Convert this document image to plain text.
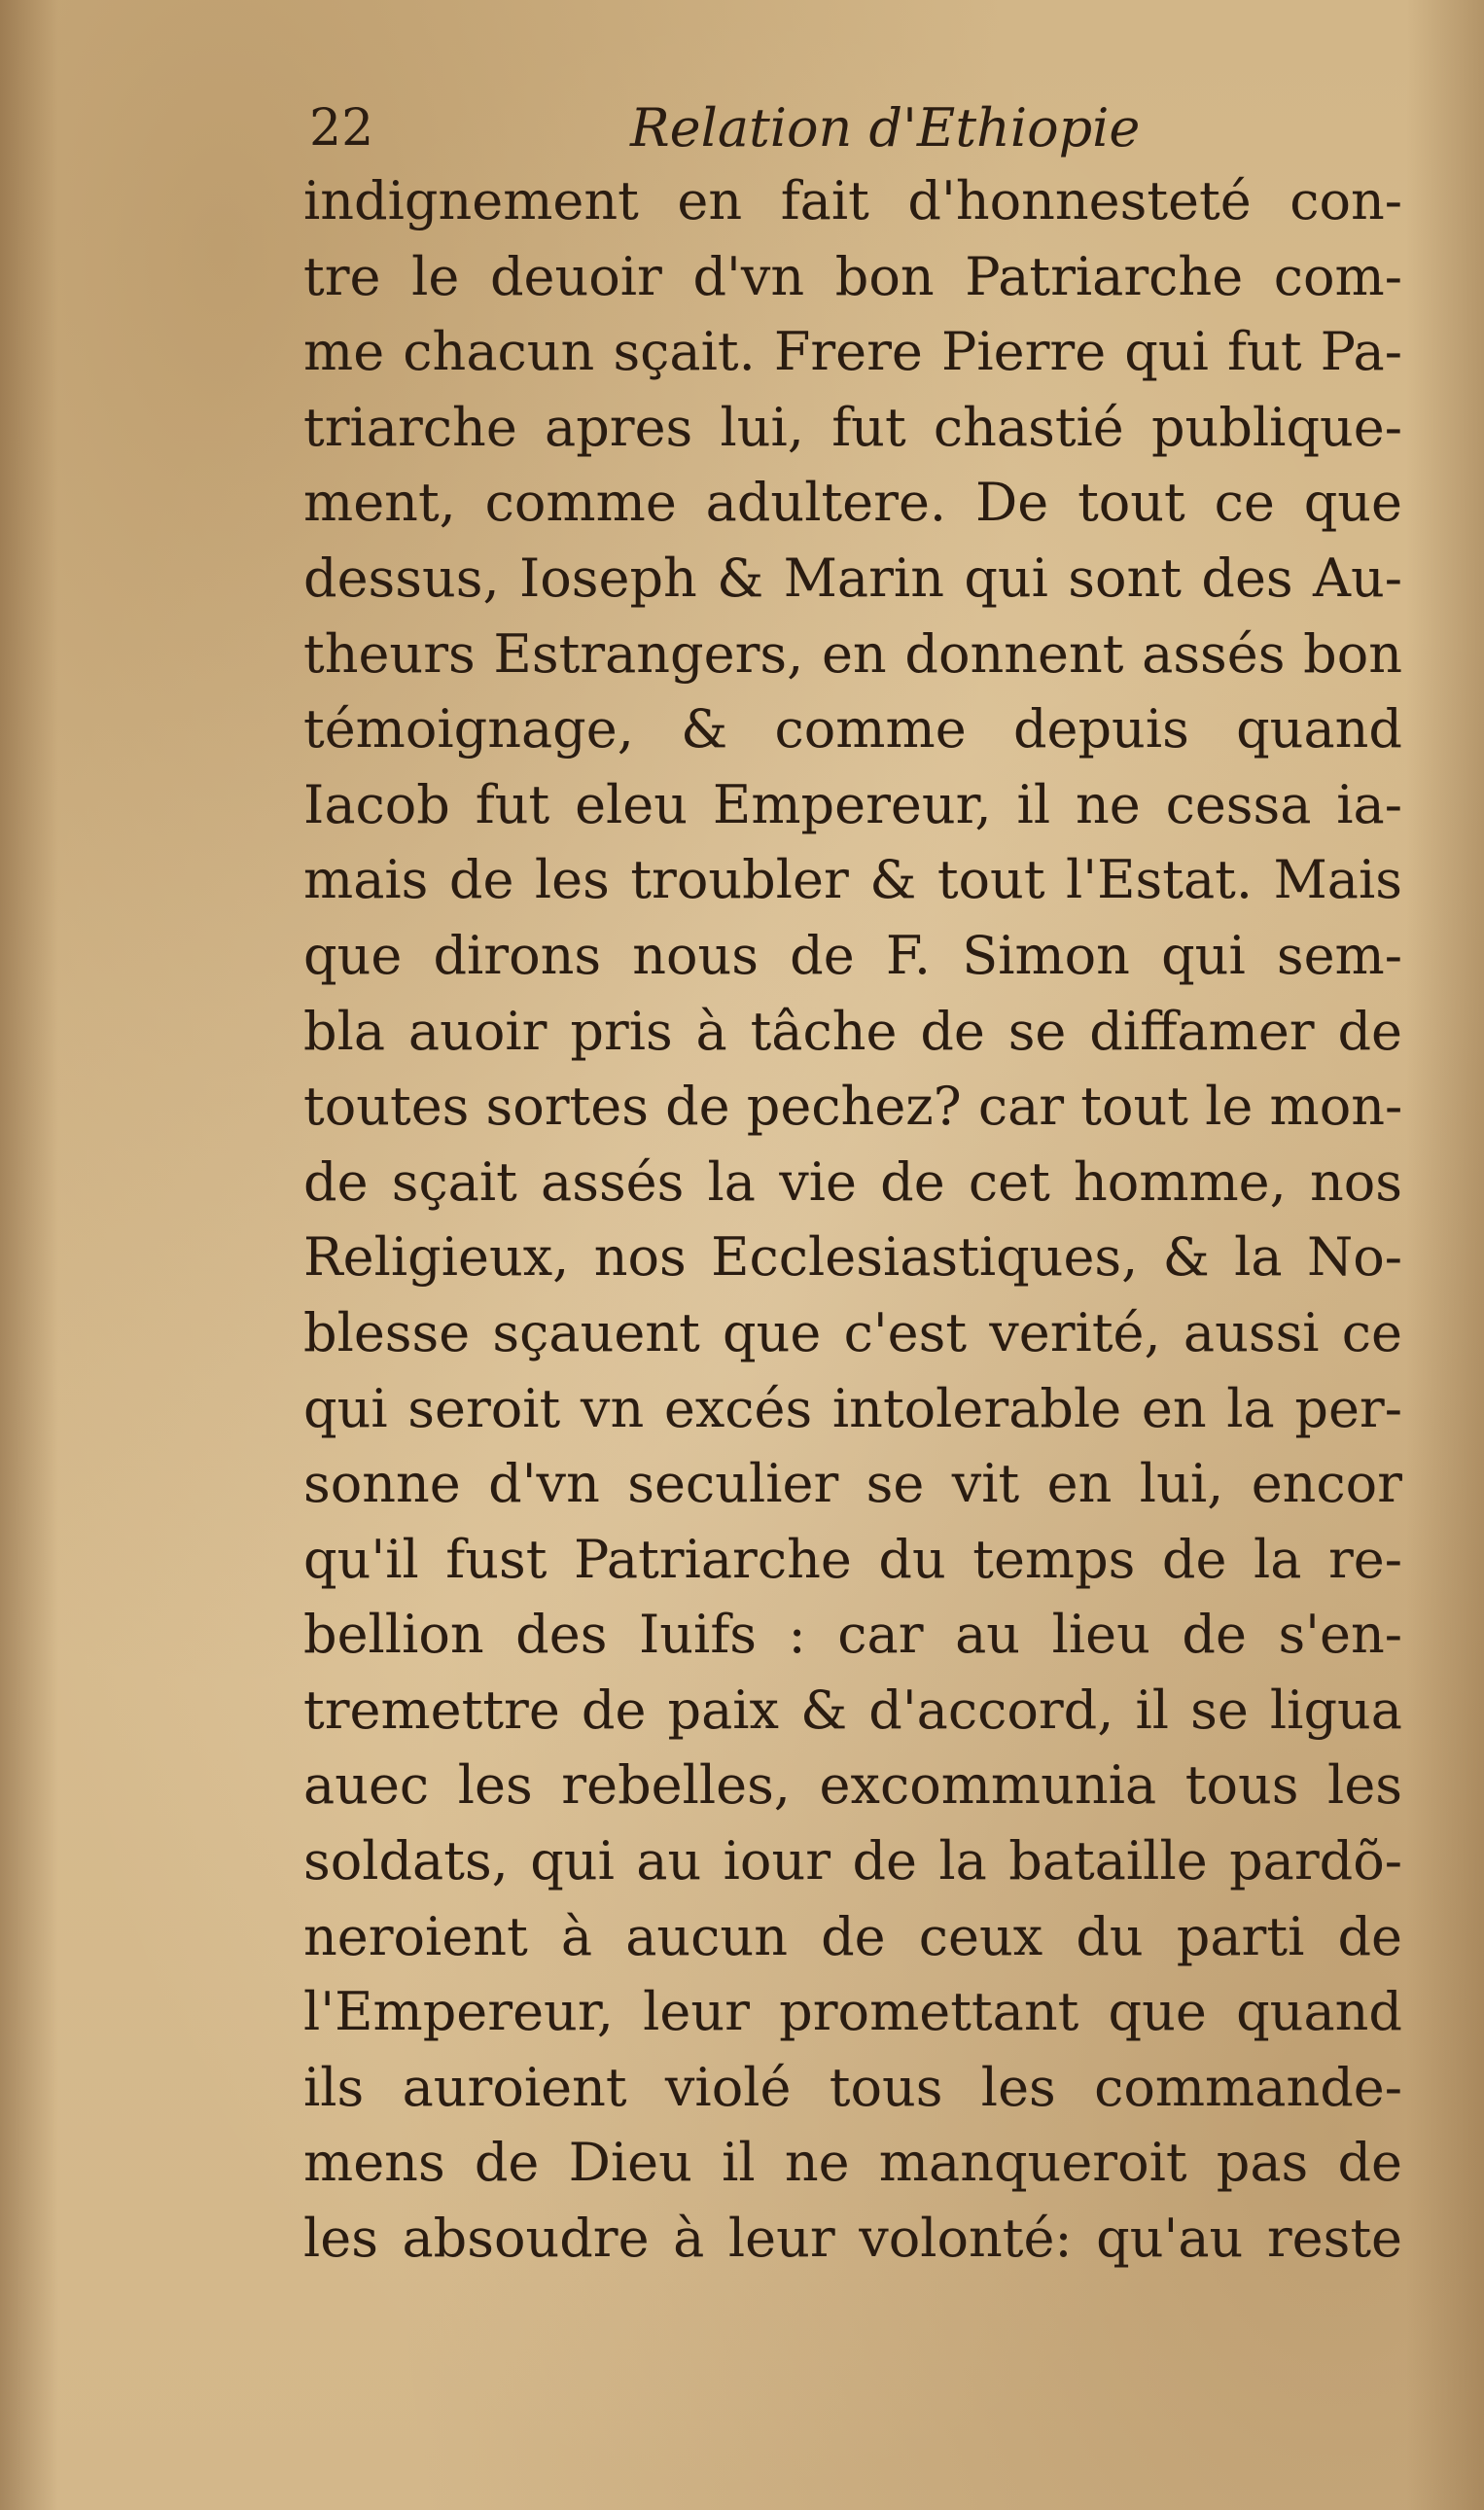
22	Relation d'Ethiopie
indignement en fait d'honnesteté con-
tre le deuoir d'vn bon Patriarche com-
me chacun sçait. Frere Pierre qui fut Pa-
triarche apres lui, fut chastié publique-
ment, comme adultere. De tout ce que
dessus, Ioseph & Marin qui sont des Au-
theurs Estrangers, en donnent assés bon
témoignage, & comme depuis quand
Iacob fut eleu Empereur, il ne cessa ia-
mais de les troubler & tout l'Estat. Mais
que dirons nous de F. Simon qui sem-
bla auoir pris à tâche de se diffamer de
toutes sortes de pechez? car tout le mon-
de sçait assés la vie de cet homme, nos
Religieux, nos Ecclesiastiques, & la No-
blesse sçauent que c'est verité, aussi ce
qui seroit vn excés intolerable en la per-
sonne d'vn seculier se vit en lui, encor
qu'il fust Patriarche du temps de la re-
bellion des Iuifs : car au lieu de s'en-
tremettre de paix & d'accord, il se ligua
auec les rebelles, excommunia tous les
soldats, qui au iour de la bataille pardõ-
neroient à aucun de ceux du parti de
l'Empereur, leur promettant que quand
ils auroient violé tous les commande-
mens de Dieu il ne manqueroit pas de
les absoudre à leur volonté: qu'au reste
